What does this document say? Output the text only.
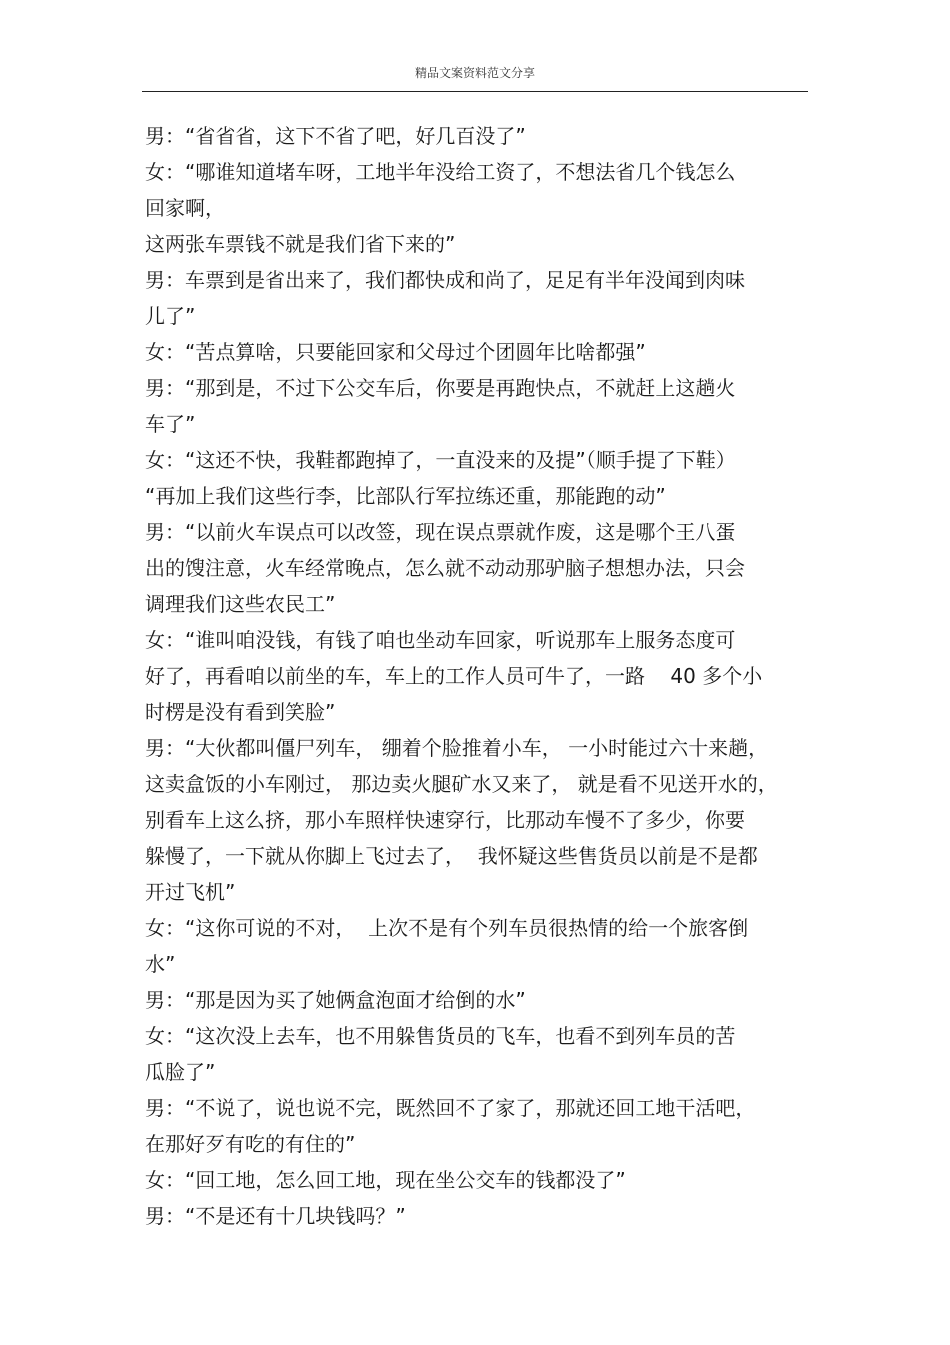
精品文案资料范文分享
男：“省省省，这下不省了吧，好几百没了”
女：“哪谁知道堵车呀，工地半年没给工资了，不想法省几个钱怎么
回家啊，
这两张车票钱不就是我们省下来的”
男：车票到是省出来了，我们都快成和尚了，足足有半年没闻到肉味
儿了”
女：“苦点算啥，只要能回家和父母过个团圆年比啥都强”
男：“那到是，不过下公交车后，你要是再跑快点，不就赶上这趟火
车了”
女：“这还不快，我鞋都跑掉了，一直没来的及提”（顺手提了下鞋）
“再加上我们这些行李，比部队行军拉练还重，那能跑的动”
男：“以前火车误点可以改签，现在误点票就作废，这是哪个王八蛋
出的馊注意，火车经常晚点，怎么就不动动那驴脑子想想办法，只会
调理我们这些农民工”
女：“谁叫咱没钱，有钱了咱也坐动车回家，听说那车上服务态度可
好了，再看咱以前坐的车，车上的工作人员可牛了，一路    40 多个小
时楞是没有看到笑脸”
男：“大伙都叫僵尸列车， 绷着个脸推着小车， 一小时能过六十来趟，
这卖盒饭的小车刚过， 那边卖火腿矿水又来了， 就是看不见送开水的，
别看车上这么挤，那小车照样快速穿行，比那动车慢不了多少，你要
躲慢了，一下就从你脚上飞过去了，  我怀疑这些售货员以前是不是都
开过飞机”
女：“这你可说的不对，  上次不是有个列车员很热情的给一个旅客倒
水”
男：“那是因为买了她俩盒泡面才给倒的水”
女：“这次没上去车，也不用躲售货员的飞车，也看不到列车员的苦
瓜脸了”
男：“不说了，说也说不完，既然回不了家了，那就还回工地干活吧，
在那好歹有吃的有住的”
女：“回工地，怎么回工地，现在坐公交车的钱都没了”
男：“不是还有十几块钱吗？”
